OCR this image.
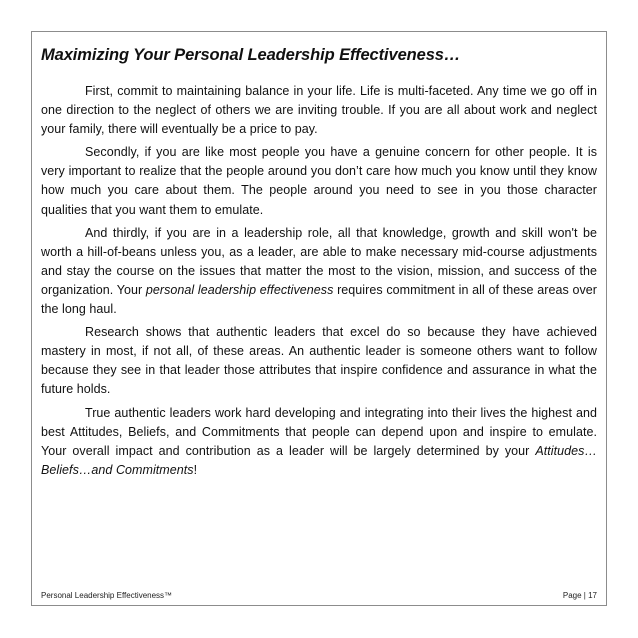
Maximizing Your Personal Leadership Effectiveness…

First, commit to maintaining balance in your life. Life is multi-faceted. Any time we go off in one direction to the neglect of others we are inviting trouble. If you are all about work and neglect your family, there will eventually be a price to pay.

Secondly, if you are like most people you have a genuine concern for other people. It is very important to realize that the people around you don’t care how much you know until they know how much you care about them. The people around you need to see in you those character qualities that you want them to emulate.

And thirdly, if you are in a leadership role, all that knowledge, growth and skill won't be worth a hill-of-beans unless you, as a leader, are able to make necessary mid-course adjustments and stay the course on the issues that matter the most to the vision, mission, and success of the organization. Your personal leadership effectiveness requires commitment in all of these areas over the long haul.

Research shows that authentic leaders that excel do so because they have achieved mastery in most, if not all, of these areas. An authentic leader is someone others want to follow because they see in that leader those attributes that inspire confidence and assurance in what the future holds.

True authentic leaders work hard developing and integrating into their lives the highest and best Attitudes, Beliefs, and Commitments that people can depend upon and inspire to emulate. Your overall impact and contribution as a leader will be largely determined by your Attitudes…Beliefs…and Commitments!

Personal Leadership Effectiveness™	Page | 17
